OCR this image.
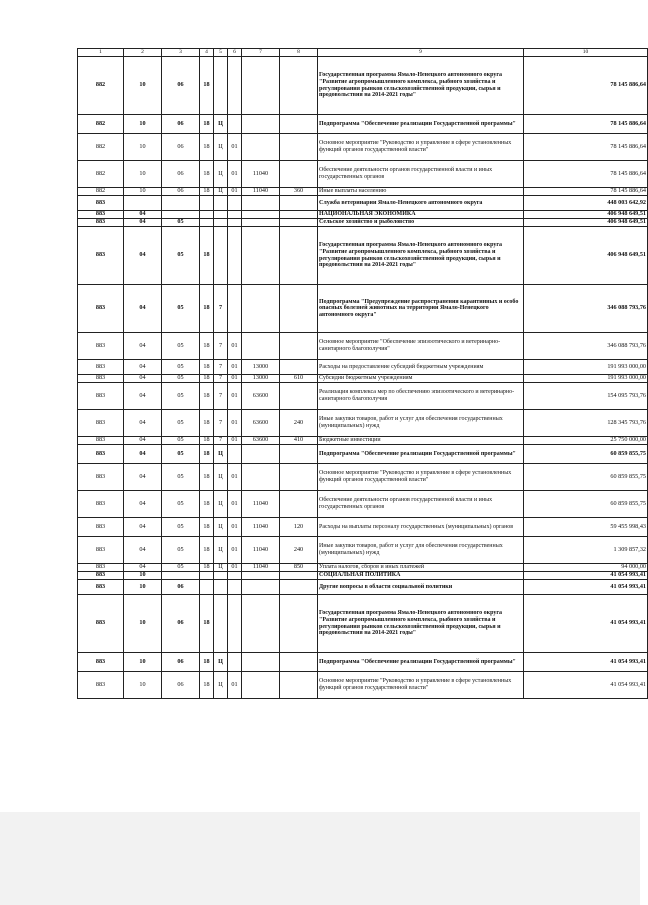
1	2	3	4	5	6	7	8	9	10
882	10	06	18					Государственная программа Ямало-Ненецкого автономного округа "Развитие агропромышленного комплекса, рыбного хозяйства и регулирования рынков сельскохозяйственной продукции, сырья и продовольствия на 2014-2021 годы"	78 145 886,64
882	10	06	18	Ц				Подпрограмма "Обеспечение реализации Государственной программы"	78 145 886,64
882	10	06	18	Ц	01			Основное мероприятие "Руководство и управление в сфере установленных функций органов государственной власти"	78 145 886,64
882	10	06	18	Ц	01	11040		Обеспечение деятельности органов государственной власти и иных государственных органов	78 145 886,64
882	10	06	18	Ц	01	11040	360	Иные выплаты населению	78 145 886,64
883								Служба ветеринарии Ямало-Ненецкого автономного округа	448 003 642,92
883	04							НАЦИОНАЛЬНАЯ ЭКОНОМИКА	406 948 649,51
883	04	05						Сельское хозяйство и рыболовство	406 948 649,51
883	04	05	18					Государственная программа Ямало-Ненецкого автономного округа "Развитие агропромышленного комплекса, рыбного хозяйства и регулирования рынков сельскохозяйственной продукции, сырья и продовольствия на 2014-2021 годы"	406 948 649,51
883	04	05	18	7				Подпрограмма "Предупреждение распространения карантинных и особо опасных болезней животных на территории Ямало-Ненецкого автономного округа"	346 088 793,76
883	04	05	18	7	01			Основное мероприятие "Обеспечение эпизоотического и ветеринарно-санитарного благополучия"	346 088 793,76
883	04	05	18	7	01	13000		Расходы на предоставление субсидий бюджетным учреждениям	191 993 000,00
883	04	05	18	7	01	13000	610	Субсидии бюджетным учреждениям	191 993 000,00
883	04	05	18	7	01	63600		Реализация комплекса мер по обеспечению эпизоотического и ветеринарно-санитарного благополучия	154 095 793,76
883	04	05	18	7	01	63600	240	Иные закупки товаров, работ и услуг для обеспечения государственных (муниципальных) нужд	128 345 793,76
883	04	05	18	7	01	63600	410	Бюджетные инвестиции	25 750 000,00
883	04	05	18	Ц				Подпрограмма "Обеспечение реализации Государственной программы"	60 859 855,75
883	04	05	18	Ц	01			Основное мероприятие "Руководство и управление в сфере установленных функций органов государственной власти"	60 859 855,75
883	04	05	18	Ц	01	11040		Обеспечение деятельности органов государственной власти и иных государственных органов	60 859 855,75
883	04	05	18	Ц	01	11040	120	Расходы на выплаты персоналу государственных (муниципальных) органов	59 455 998,43
883	04	05	18	Ц	01	11040	240	Иные закупки товаров, работ и услуг для обеспечения государственных (муниципальных) нужд	1 309 857,32
883	04	05	18	Ц	01	11040	850	Уплата налогов, сборов и иных платежей	94 000,00
883	10							СОЦИАЛЬНАЯ ПОЛИТИКА	41 054 993,41
883	10	06						Другие вопросы в области социальной политики	41 054 993,41
883	10	06	18					Государственная программа Ямало-Ненецкого автономного округа "Развитие агропромышленного комплекса, рыбного хозяйства и регулирования рынков сельскохозяйственной продукции, сырья и продовольствия на 2014-2021 годы"	41 054 993,41
883	10	06	18	Ц				Подпрограмма "Обеспечение реализации Государственной программы"	41 054 993,41
883	10	06	18	Ц	01			Основное мероприятие "Руководство и управление в сфере установленных функций органов государственной власти"	41 054 993,41
